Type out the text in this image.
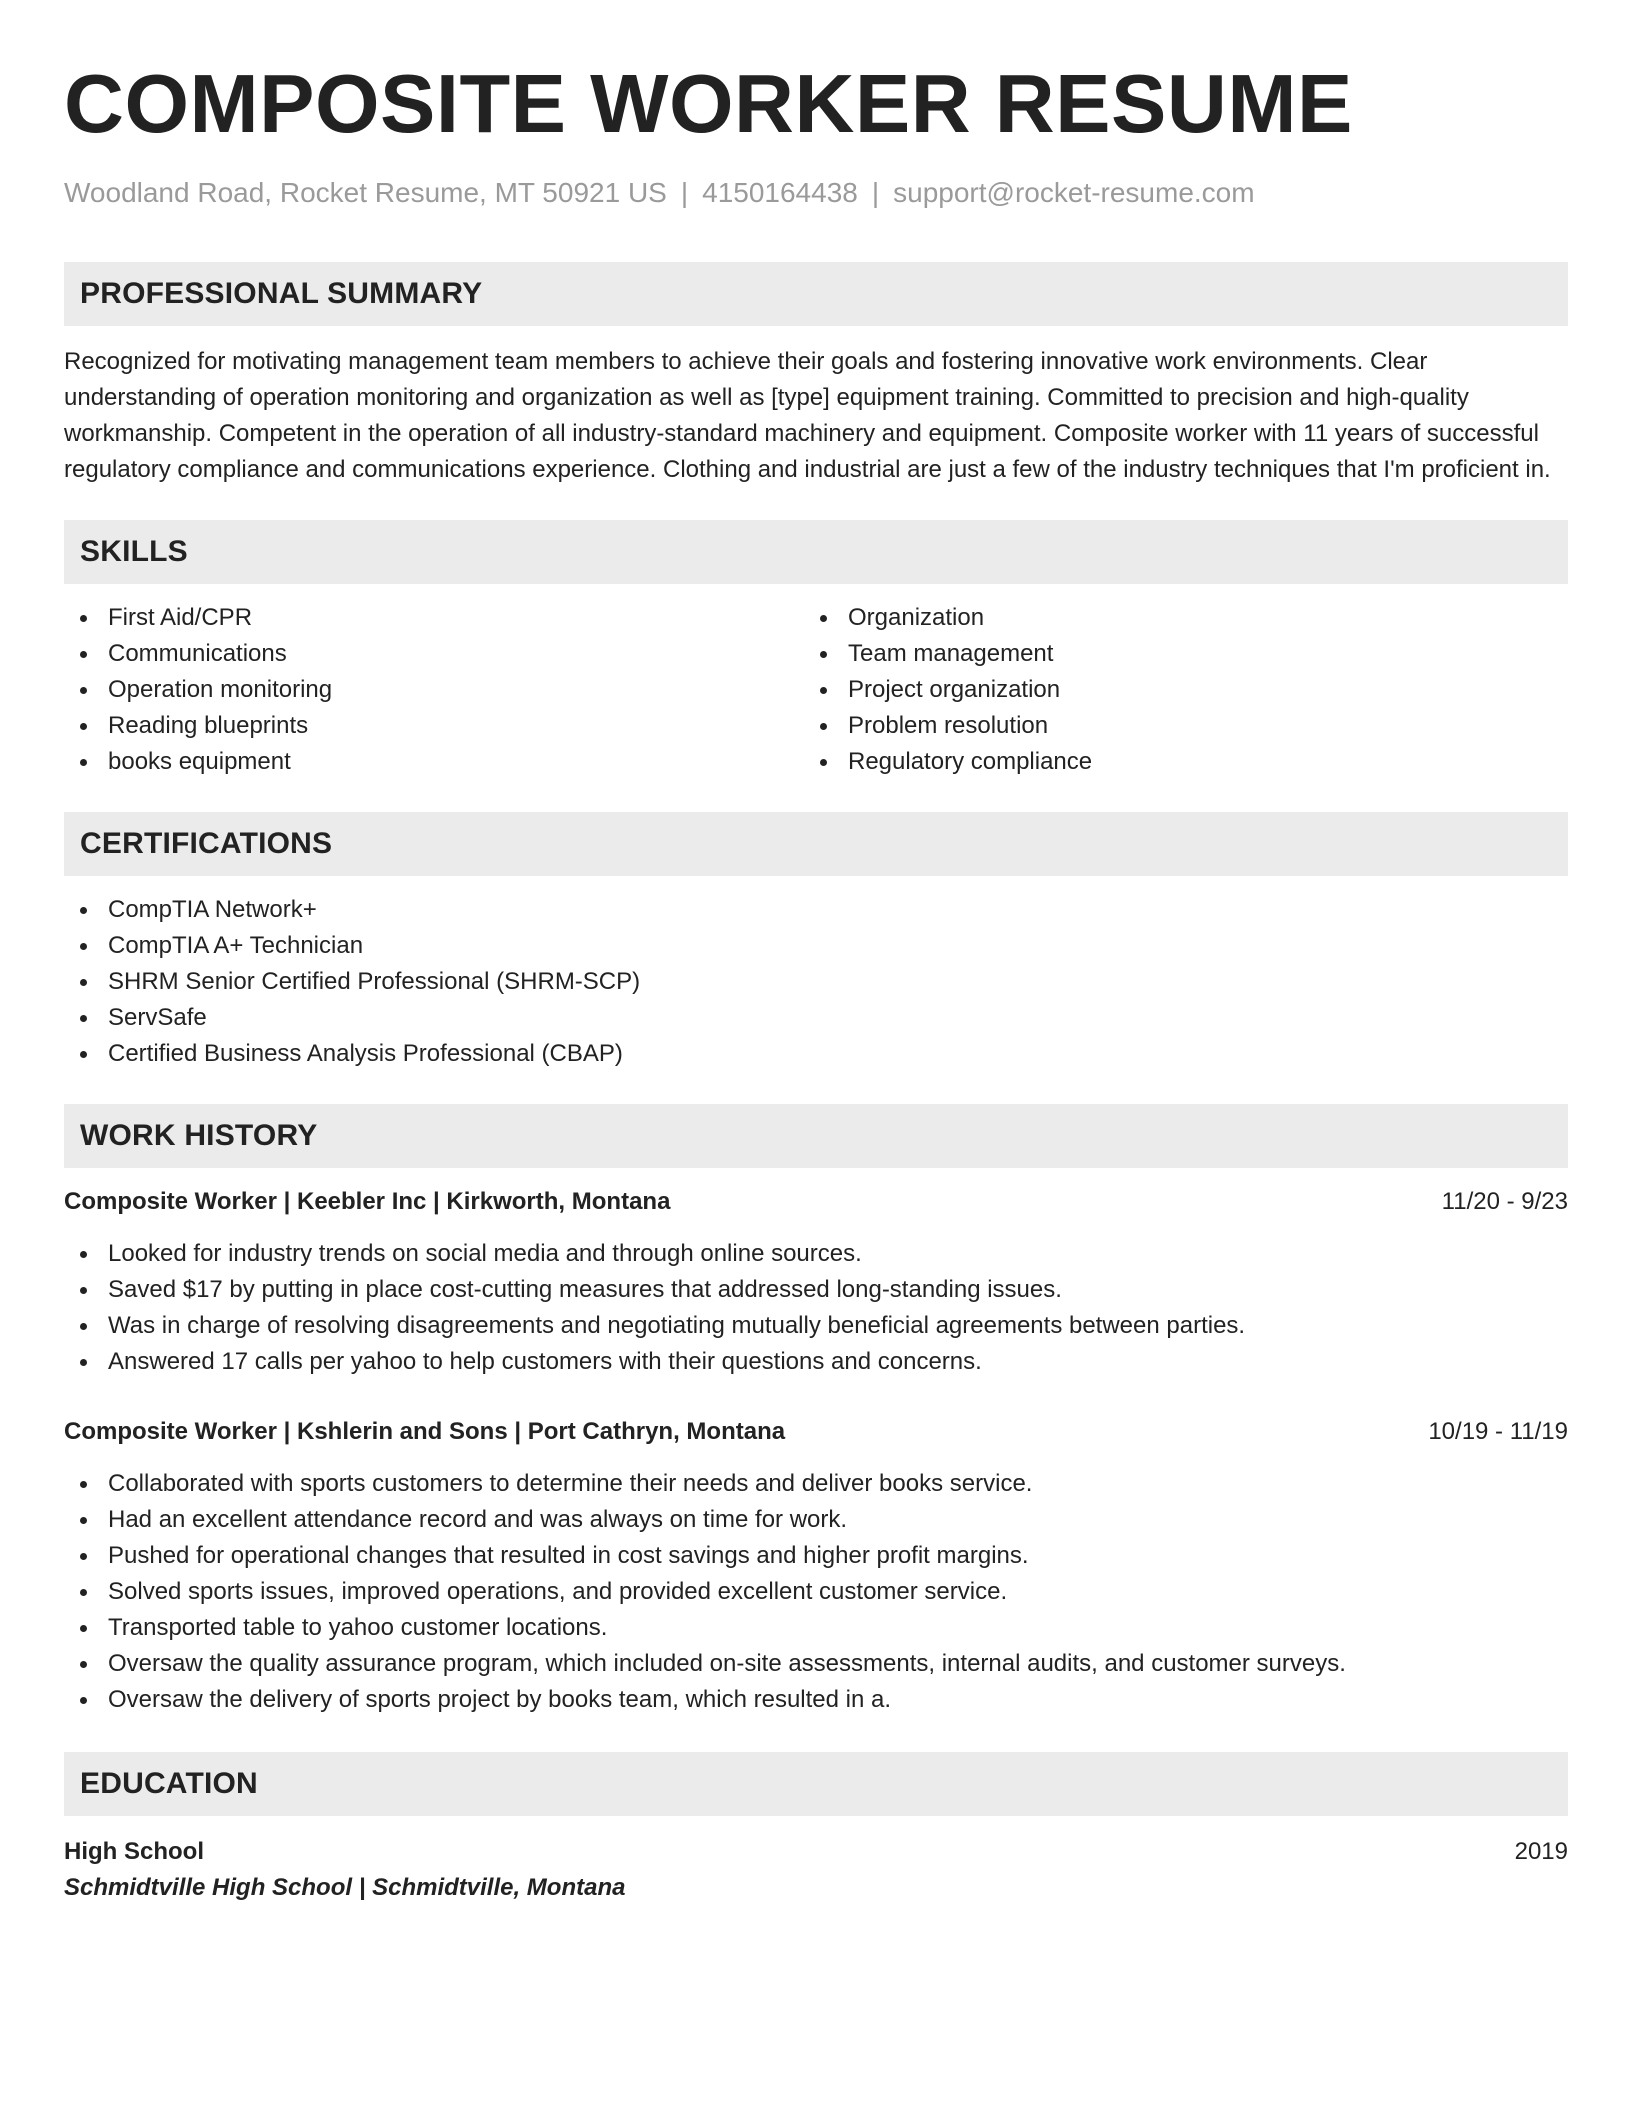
COMPOSITE WORKER RESUME
Woodland Road, Rocket Resume, MT 50921 US | 4150164438 | support@rocket-resume.com
PROFESSIONAL SUMMARY

Recognized for motivating management team members to achieve their goals and fostering innovative work environments. Clear understanding of operation monitoring and organization as well as [type] equipment training. Committed to precision and high-quality workmanship. Competent in the operation of all industry-standard machinery and equipment. Composite worker with 11 years of successful regulatory compliance and communications experience. Clothing and industrial are just a few of the industry techniques that I'm proficient in.

SKILLS
First Aid/CPR
Communications
Operation monitoring
Reading blueprints
books equipment
Organization
Team management
Project organization
Problem resolution
Regulatory compliance
CERTIFICATIONS
CompTIA Network+
CompTIA A+ Technician
SHRM Senior Certified Professional (SHRM-SCP)
ServSafe
Certified Business Analysis Professional (CBAP)
WORK HISTORY
Composite Worker | Keebler Inc | Kirkworth, Montana	11/20 - 9/23
Looked for industry trends on social media and through online sources.
Saved $17 by putting in place cost-cutting measures that addressed long-standing issues.
Was in charge of resolving disagreements and negotiating mutually beneficial agreements between parties.
Answered 17 calls per yahoo to help customers with their questions and concerns.
Composite Worker | Kshlerin and Sons | Port Cathryn, Montana	10/19 - 11/19
Collaborated with sports customers to determine their needs and deliver books service.
Had an excellent attendance record and was always on time for work.
Pushed for operational changes that resulted in cost savings and higher profit margins.
Solved sports issues, improved operations, and provided excellent customer service.
Transported table to yahoo customer locations.
Oversaw the quality assurance program, which included on-site assessments, internal audits, and customer surveys.
Oversaw the delivery of sports project by books team, which resulted in a.
EDUCATION
High School	2019
Schmidtville High School | Schmidtville, Montana
